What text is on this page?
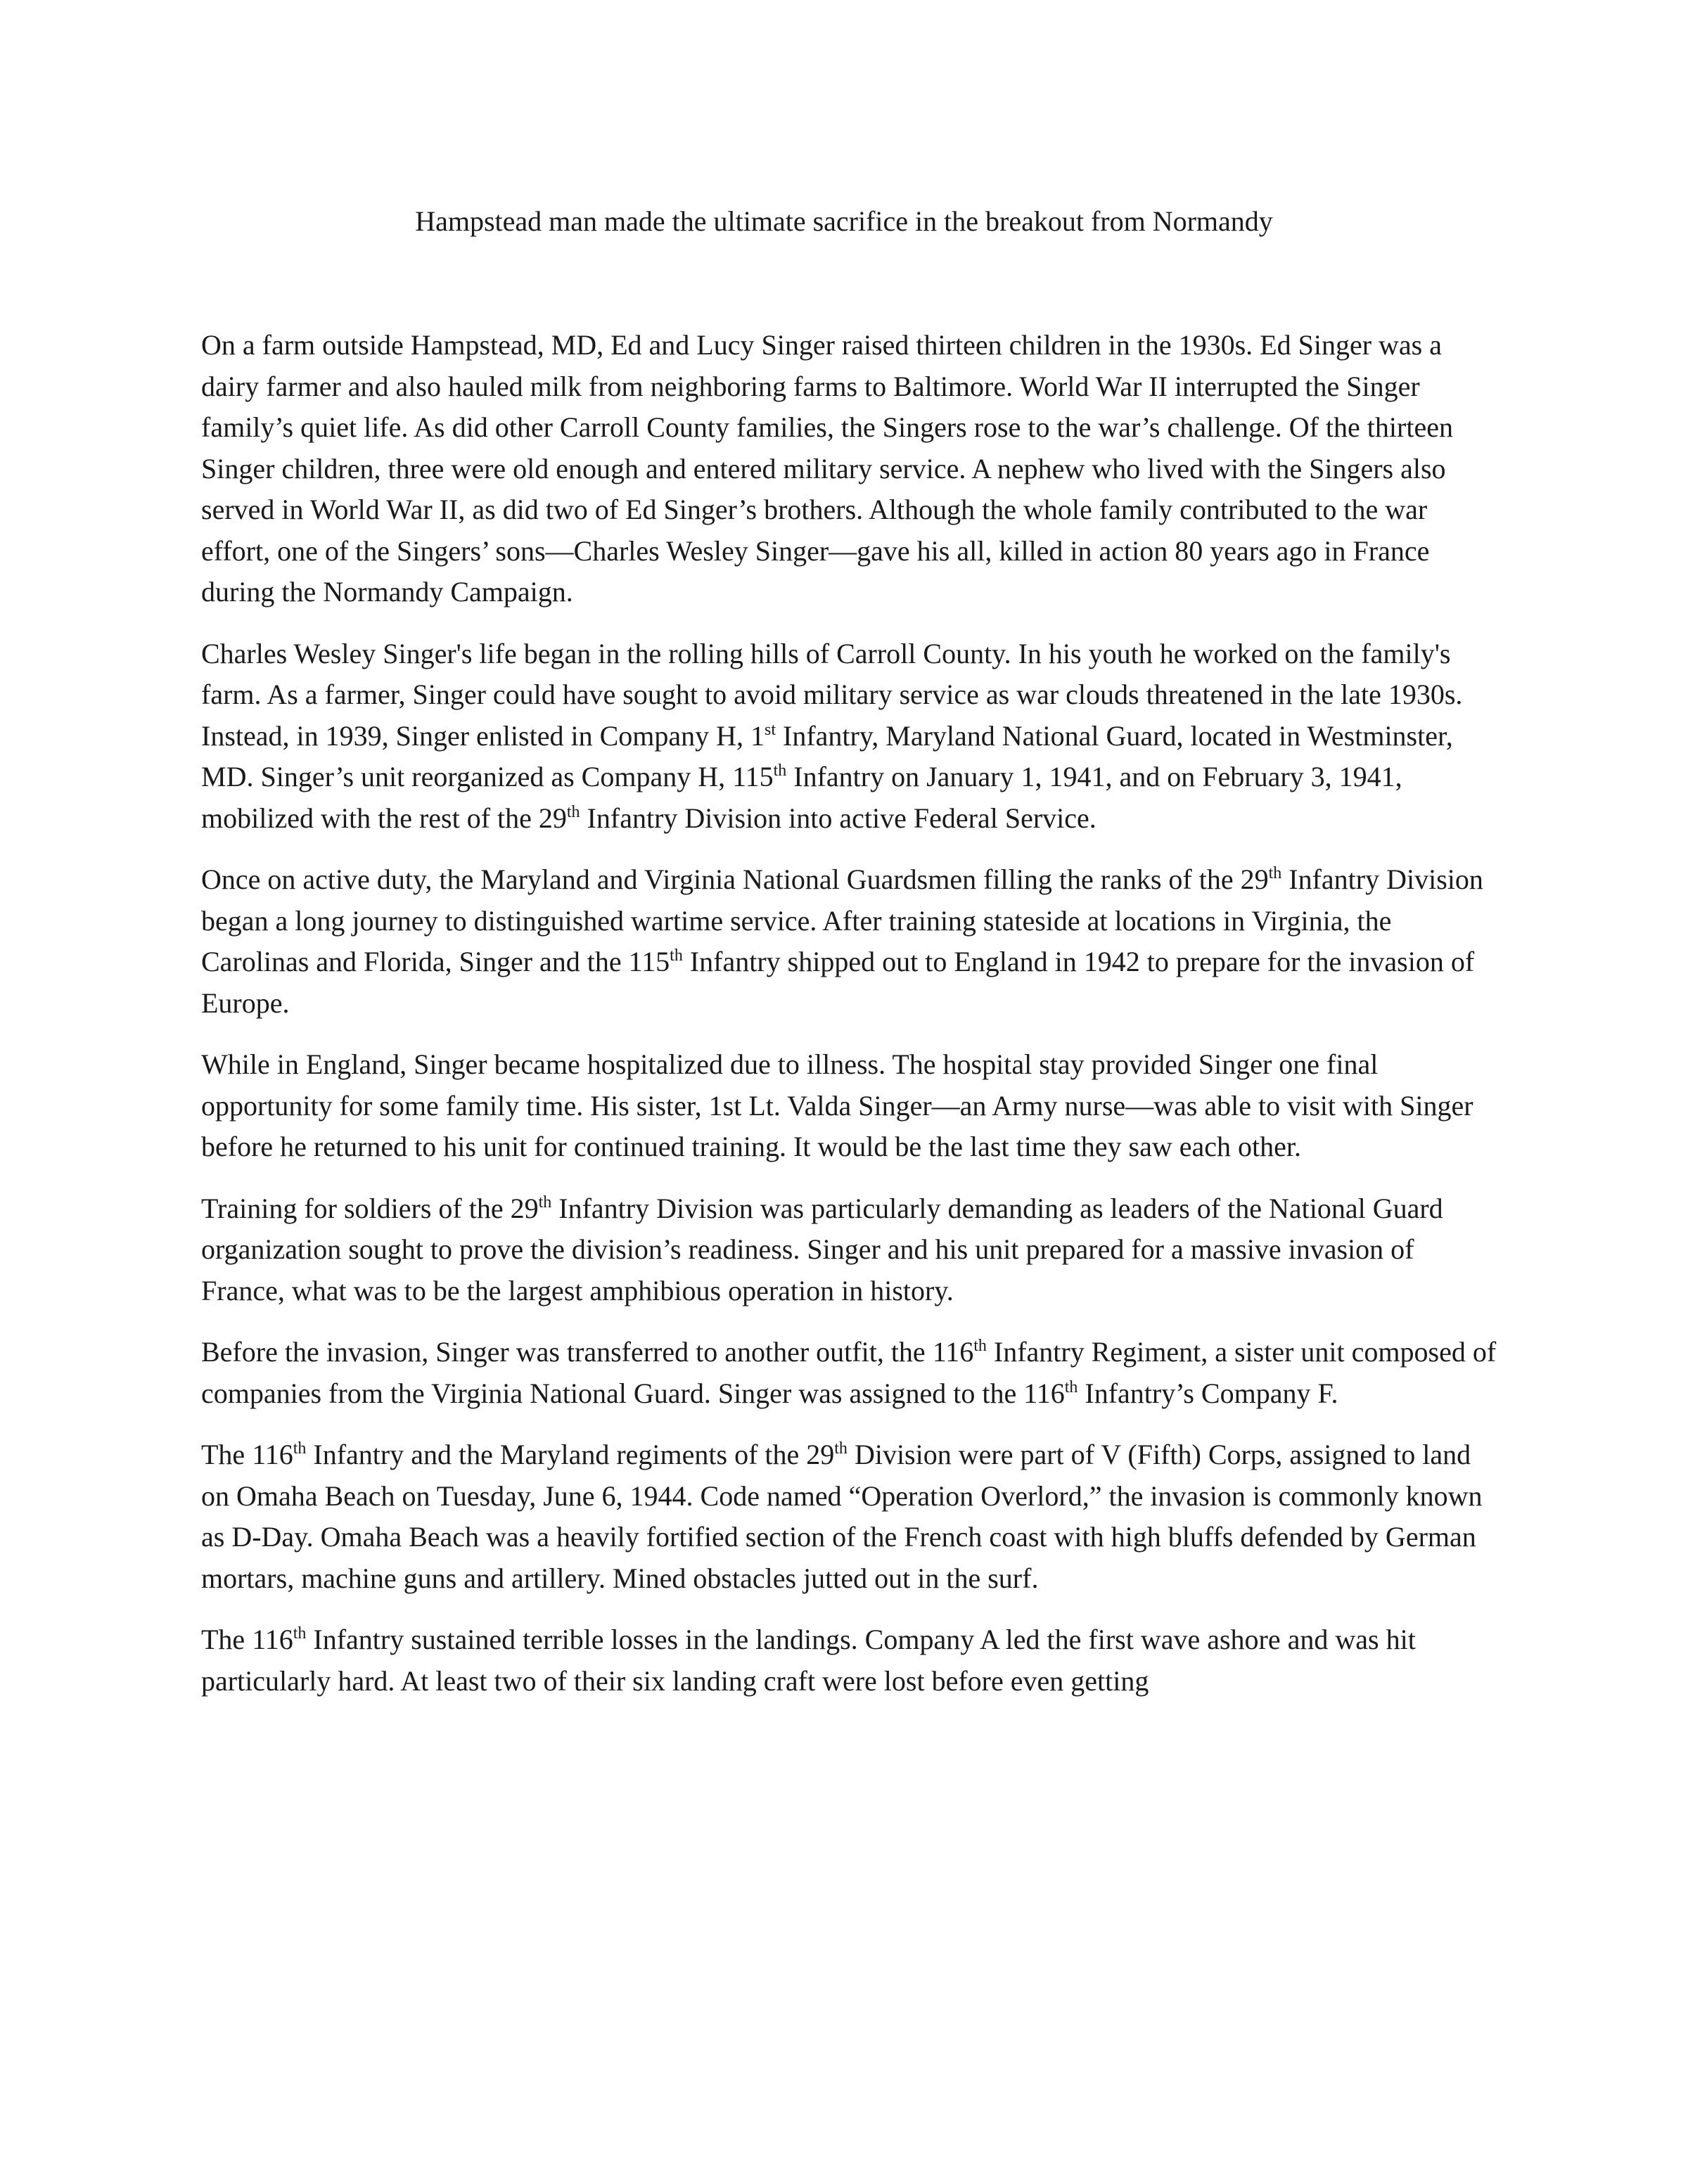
Hampstead man made the ultimate sacrifice in the breakout from Normandy

On a farm outside Hampstead, MD, Ed and Lucy Singer raised thirteen children in the 1930s. Ed Singer was a dairy farmer and also hauled milk from neighboring farms to Baltimore. World War II interrupted the Singer family’s quiet life. As did other Carroll County families, the Singers rose to the war’s challenge. Of the thirteen Singer children, three were old enough and entered military service. A nephew who lived with the Singers also served in World War II, as did two of Ed Singer’s brothers. Although the whole family contributed to the war effort, one of the Singers’ sons—Charles Wesley Singer—gave his all, killed in action 80 years ago in France during the Normandy Campaign.

Charles Wesley Singer's life began in the rolling hills of Carroll County. In his youth he worked on the family's farm. As a farmer, Singer could have sought to avoid military service as war clouds threatened in the late 1930s. Instead, in 1939, Singer enlisted in Company H, 1st Infantry, Maryland National Guard, located in Westminster, MD. Singer’s unit reorganized as Company H, 115th Infantry on January 1, 1941, and on February 3, 1941, mobilized with the rest of the 29th Infantry Division into active Federal Service.

Once on active duty, the Maryland and Virginia National Guardsmen filling the ranks of the 29th Infantry Division began a long journey to distinguished wartime service. After training stateside at locations in Virginia, the Carolinas and Florida, Singer and the 115th Infantry shipped out to England in 1942 to prepare for the invasion of Europe.

While in England, Singer became hospitalized due to illness. The hospital stay provided Singer one final opportunity for some family time. His sister, 1st Lt. Valda Singer—an Army nurse—was able to visit with Singer before he returned to his unit for continued training. It would be the last time they saw each other.

Training for soldiers of the 29th Infantry Division was particularly demanding as leaders of the National Guard organization sought to prove the division’s readiness. Singer and his unit prepared for a massive invasion of France, what was to be the largest amphibious operation in history.

Before the invasion, Singer was transferred to another outfit, the 116th Infantry Regiment, a sister unit composed of companies from the Virginia National Guard. Singer was assigned to the 116th Infantry’s Company F.

The 116th Infantry and the Maryland regiments of the 29th Division were part of V (Fifth) Corps, assigned to land on Omaha Beach on Tuesday, June 6, 1944. Code named “Operation Overlord,” the invasion is commonly known as D-Day. Omaha Beach was a heavily fortified section of the French coast with high bluffs defended by German mortars, machine guns and artillery. Mined obstacles jutted out in the surf.

The 116th Infantry sustained terrible losses in the landings. Company A led the first wave ashore and was hit particularly hard. At least two of their six landing craft were lost before even getting
